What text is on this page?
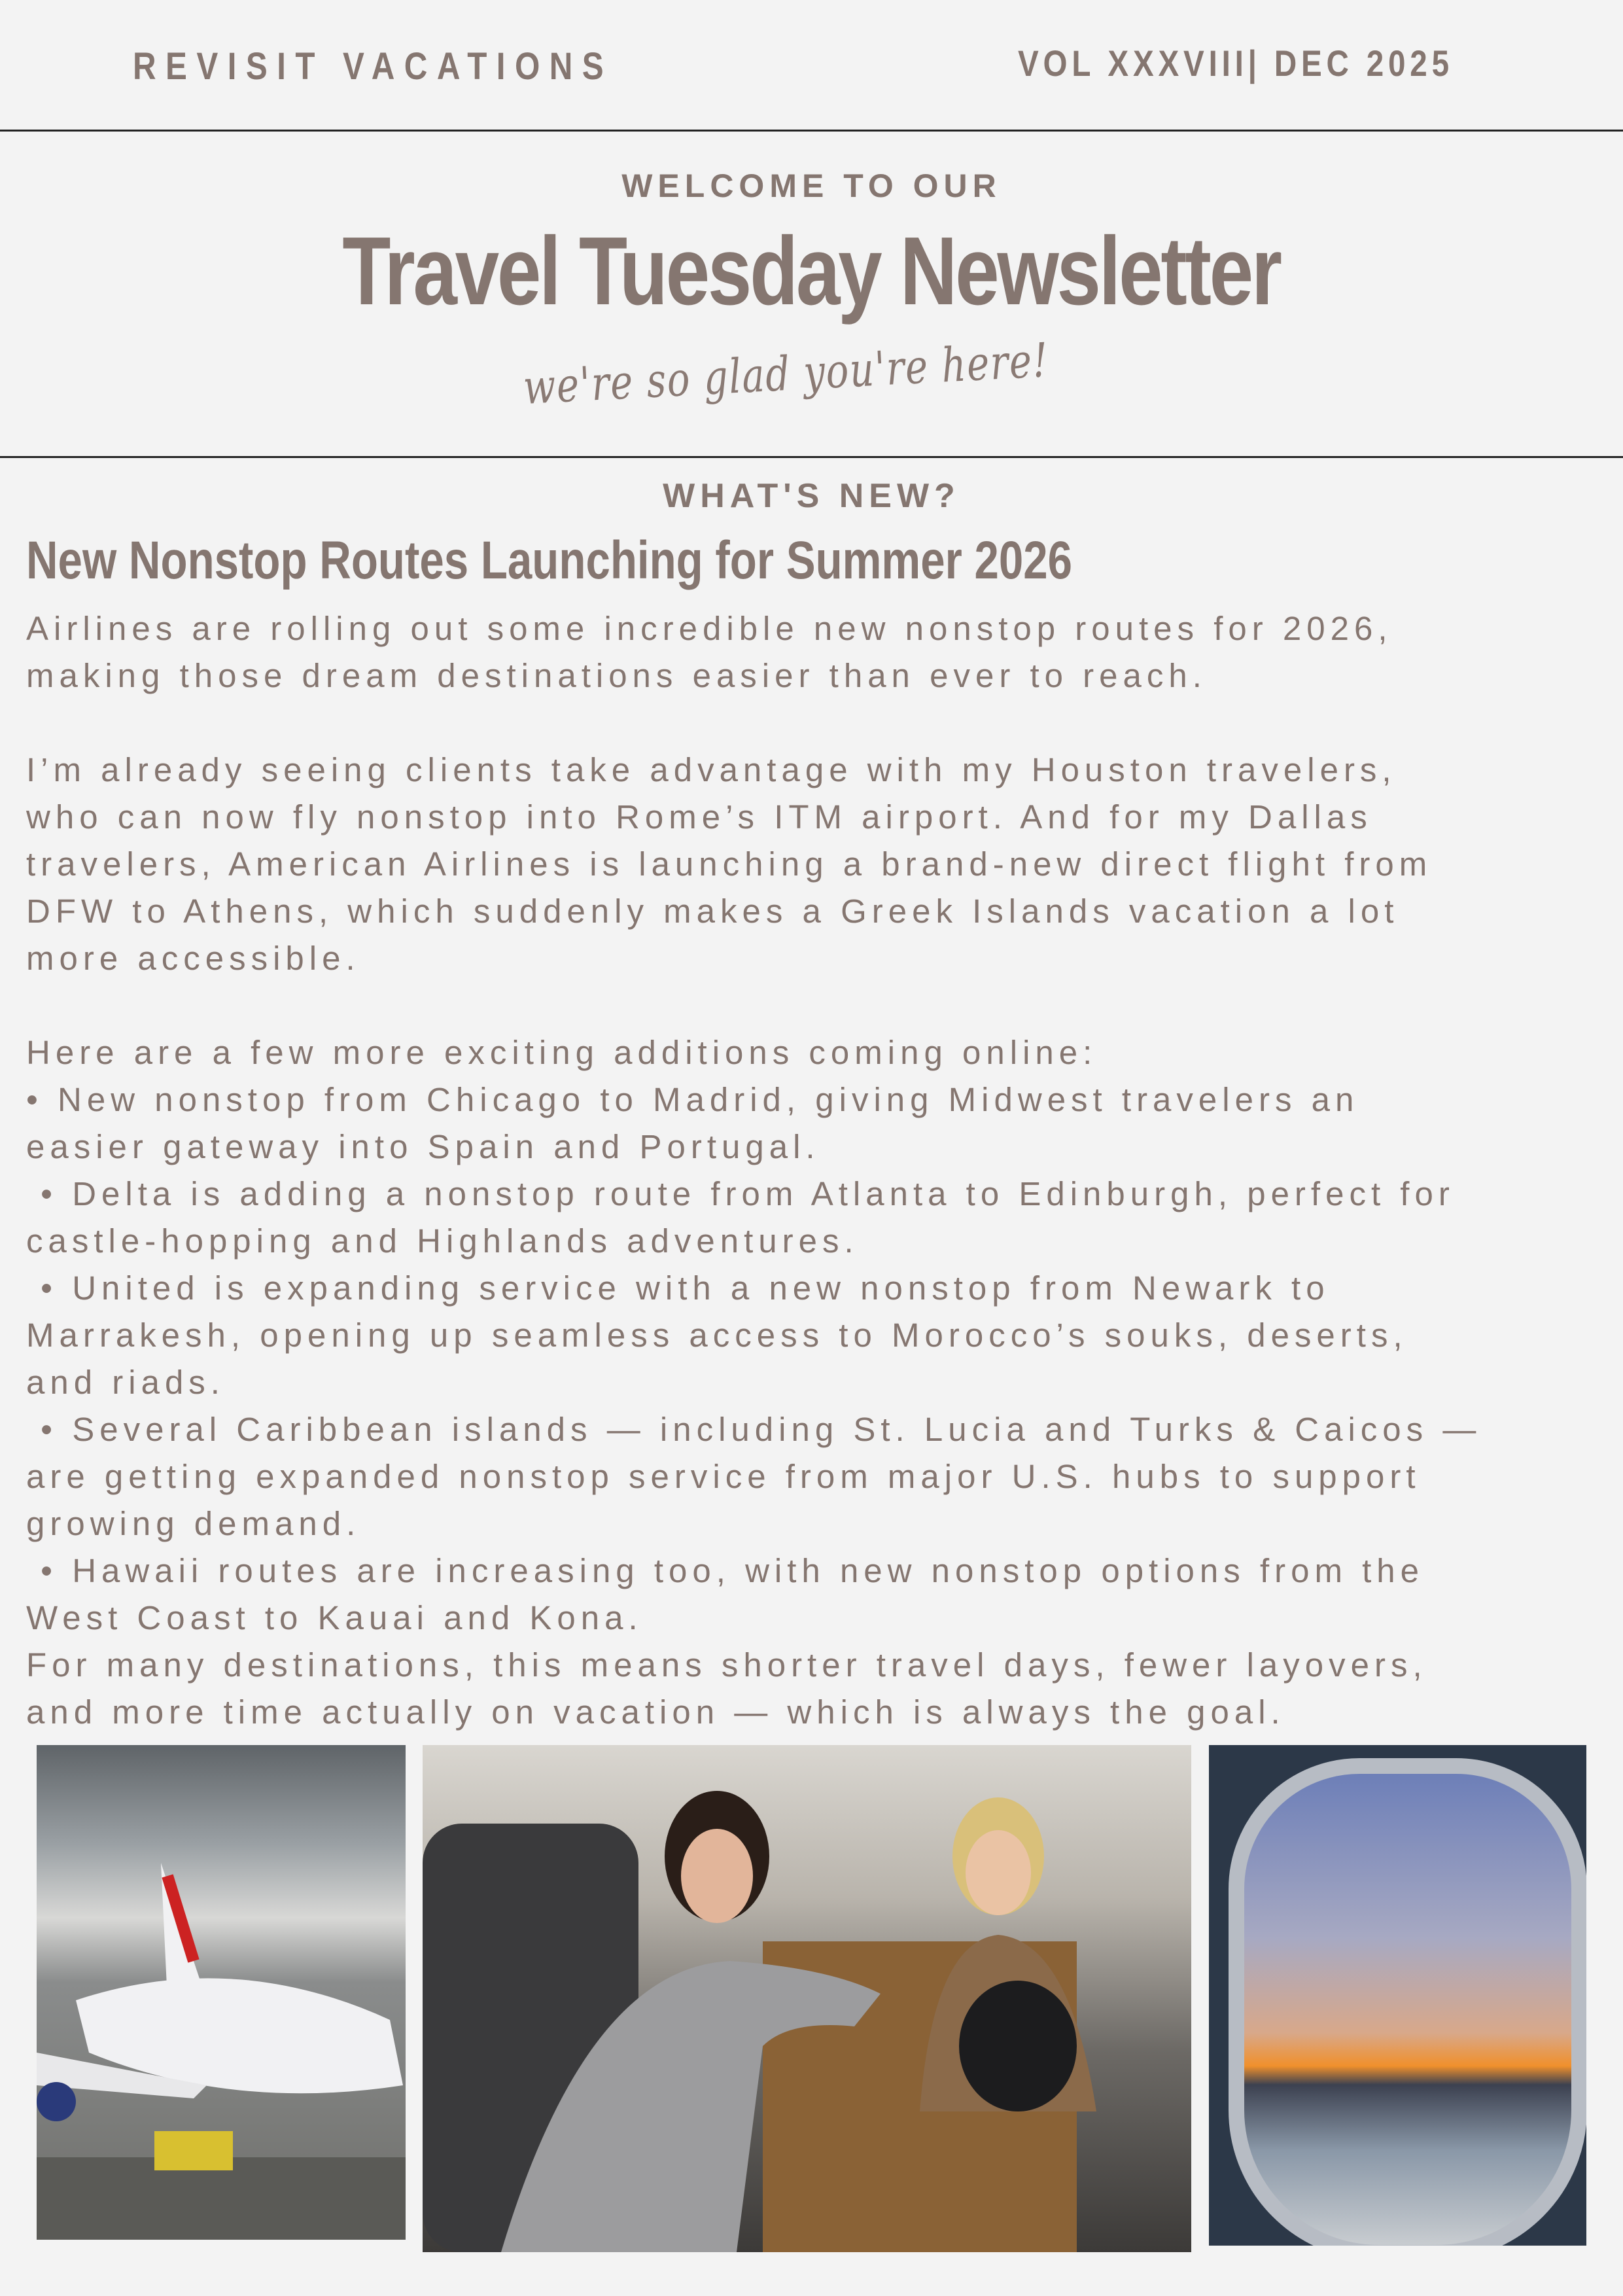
REVISIT VACATIONS	VOL XXXVIII| DEC 2025
WELCOME TO OUR
Travel Tuesday Newsletter
we're so glad you're here!
WHAT'S NEW?
New Nonstop Routes Launching for Summer 2026
Airlines are rolling out some incredible new nonstop routes for 2026,
making those dream destinations easier than ever to reach.
I’m already seeing clients take advantage with my Houston travelers,
who can now fly nonstop into Rome’s ITM airport. And for my Dallas
travelers, American Airlines is launching a brand-new direct flight from
DFW to Athens, which suddenly makes a Greek Islands vacation a lot
more accessible.
Here are a few more exciting additions coming online:
• New nonstop from Chicago to Madrid, giving Midwest travelers an
easier gateway into Spain and Portugal.
• Delta is adding a nonstop route from Atlanta to Edinburgh, perfect for
castle-hopping and Highlands adventures.
• United is expanding service with a new nonstop from Newark to
Marrakesh, opening up seamless access to Morocco’s souks, deserts,
and riads.
• Several Caribbean islands — including St. Lucia and Turks & Caicos —
are getting expanded nonstop service from major U.S. hubs to support
growing demand.
• Hawaii routes are increasing too, with new nonstop options from the
West Coast to Kauai and Kona.
For many destinations, this means shorter travel days, fewer layovers,
and more time actually on vacation — which is always the goal.
